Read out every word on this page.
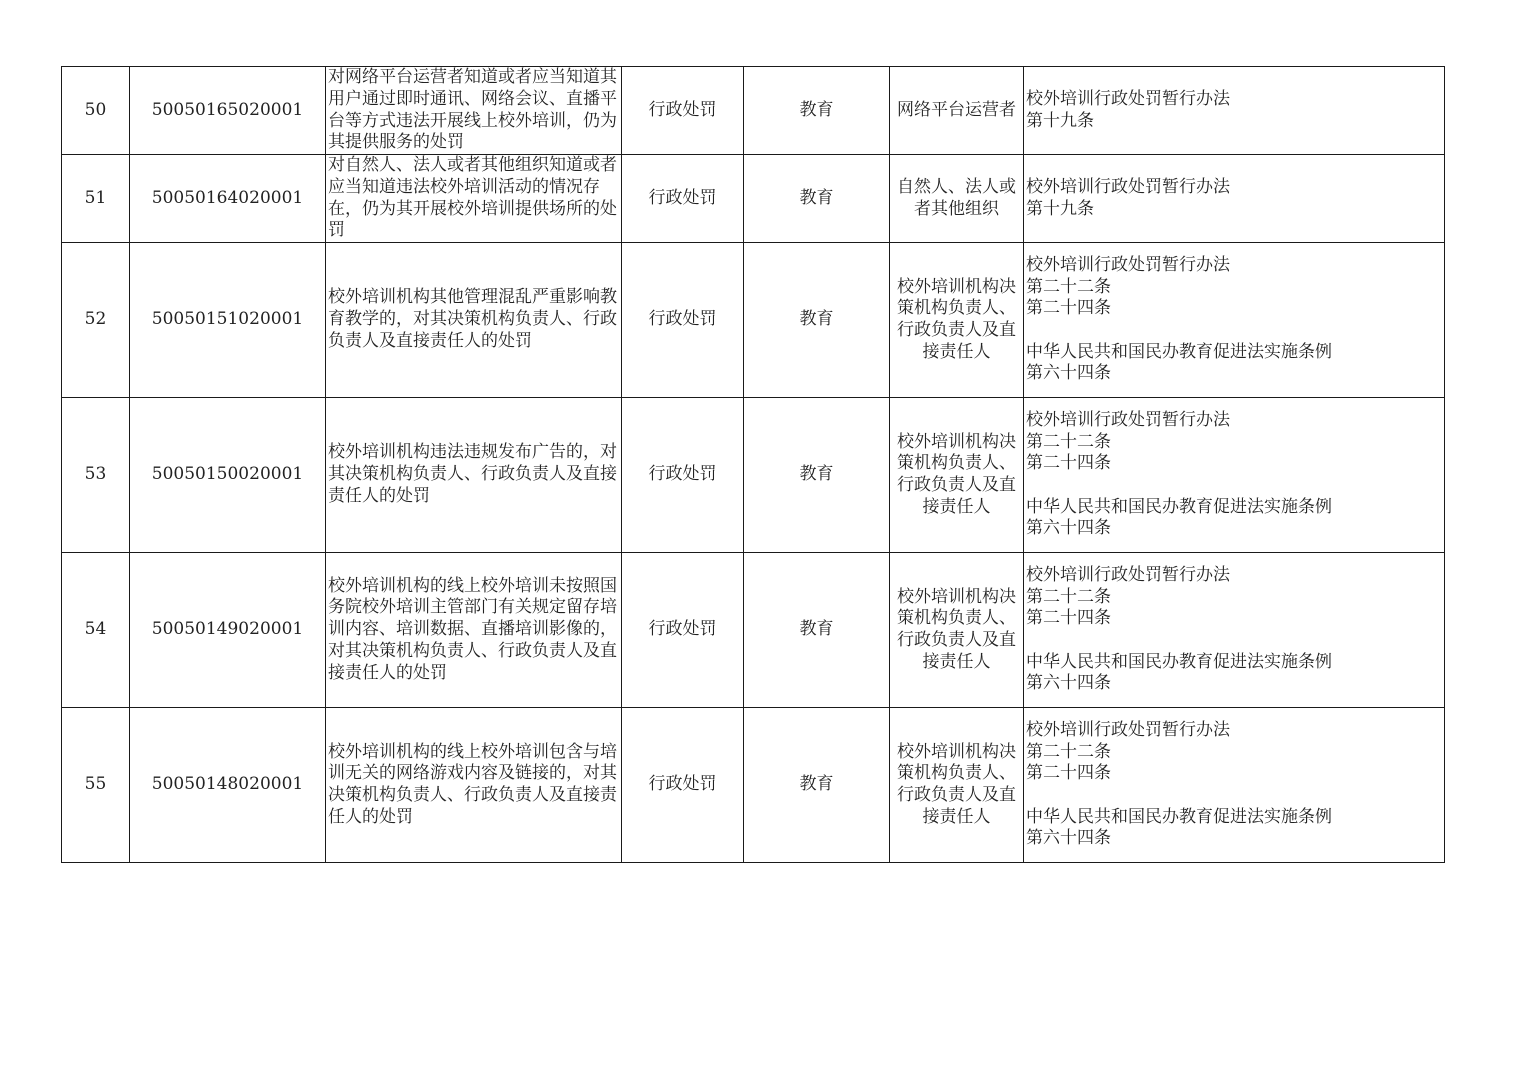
50	50050165020001	对网络平台运营者知道或者应当知道其用户通过即时通讯、网络会议、直播平台等方式违法开展线上校外培训，仍为其提供服务的处罚	行政处罚	教育	网络平台运营者	校外培训行政处罚暂行办法
第十九条

51	50050164020001	对自然人、法人或者其他组织知道或者应当知道违法校外培训活动的情况存在，仍为其开展校外培训提供场所的处罚	行政处罚	教育	自然人、法人或者其他组织	校外培训行政处罚暂行办法
第十九条

52	50050151020001	校外培训机构其他管理混乱严重影响教育教学的，对其决策机构负责人、行政负责人及直接责任人的处罚	行政处罚	教育	校外培训机构决策机构负责人、行政负责人及直接责任人	校外培训行政处罚暂行办法
第二十二条
第二十四条
中华人民共和国民办教育促进法实施条例
第六十四条

53	50050150020001	校外培训机构违法违规发布广告的，对其决策机构负责人、行政负责人及直接责任人的处罚	行政处罚	教育	校外培训机构决策机构负责人、行政负责人及直接责任人	校外培训行政处罚暂行办法
第二十二条
第二十四条
中华人民共和国民办教育促进法实施条例
第六十四条

54	50050149020001	校外培训机构的线上校外培训未按照国务院校外培训主管部门有关规定留存培训内容、培训数据、直播培训影像的，对其决策机构负责人、行政负责人及直接责任人的处罚	行政处罚	教育	校外培训机构决策机构负责人、行政负责人及直接责任人	校外培训行政处罚暂行办法
第二十二条
第二十四条
中华人民共和国民办教育促进法实施条例
第六十四条

55	50050148020001	校外培训机构的线上校外培训包含与培训无关的网络游戏内容及链接的，对其决策机构负责人、行政负责人及直接责任人的处罚	行政处罚	教育	校外培训机构决策机构负责人、行政负责人及直接责任人	校外培训行政处罚暂行办法
第二十二条
第二十四条
中华人民共和国民办教育促进法实施条例
第六十四条
